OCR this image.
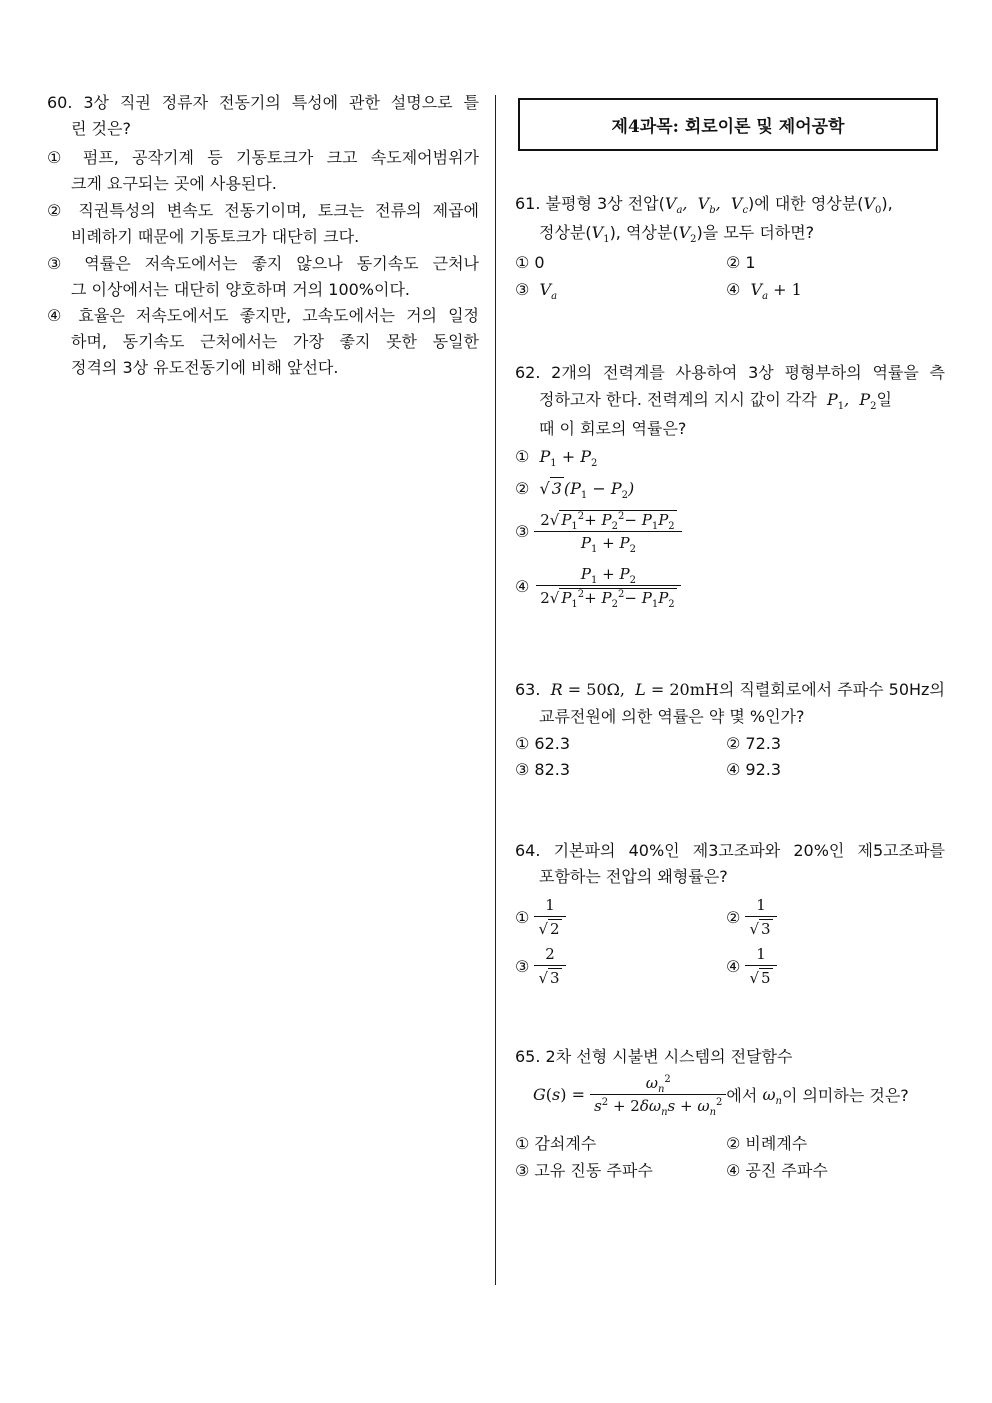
60. 3상 직권 정류자 전동기의 특성에 관한 설명으로 틀
린 것은?
① 펌프, 공작기계 등 기동토크가 크고 속도제어범위가
크게 요구되는 곳에 사용된다.
② 직권특성의 변속도 전동기이며, 토크는 전류의 제곱에
비례하기 때문에 기동토크가 대단히 크다.
③ 역률은 저속도에서는 좋지 않으나 동기속도 근처나
그 이상에서는 대단히 양호하며 거의 100%이다.
④ 효율은 저속도에서도 좋지만, 고속도에서는 거의 일정
하며, 동기속도 근처에서는 가장 좋지 못한 동일한
정격의 3상 유도전동기에 비해 앞선다.
제4과목: 회로이론 및 제어공학
61. 불평형 3상 전압($V_a$,  $V_b$,  $V_c$)에 대한 영상분$(V_0)$,
정상분$(V_1)$, 역상분$(V_2)$을 모두 더하면?
① 0	② 1
③ $V_a$	④ $V_a + 1$
62. 2개의 전력계를 사용하여 3상 평형부하의 역률을 측
정하고자 한다. 전력계의 지시 값이 각각 $P_1$,  $P_2$일
때 이 회로의 역률은?
① $P_1 + P_2$
② √ 3 $(P_1 - P_2)$
③
$\frac{2 √ P_1^2+ P_2^2- P_1P_2}{P_1 + P_2}$
④
$\frac{P_1 + P_2}{2 √ P_1^2+ P_2^2- P_1P_2}$
63. R = 50Ω,  L = 20mH의 직렬회로에서 주파수 50Hz의
교류전원에 의한 역률은 약 몇 %인가?
① 62.3	② 72.3
③ 82.3	④ 92.3
64. 기본파의 40%인 제3고조파와 20%인 제5고조파를
포함하는 전압의 왜형률은?
①
$\frac{1}{√ 2}$	②
$\frac{1}{√ 3}$
③
$\frac{2}{√ 3}$	④
$\frac{1}{√ 5}$
65. 2차 선형 시불변 시스템의 전달함수
G(s) =
$\frac{\omega_n^2}{s^2 + 2\delta\omega_ns + \omega_n^2}$ 에서
$\omega_n$ 이 의미하는 것은?
① 감쇠계수	② 비례계수
③ 고유 진동 주파수	④ 공진 주파수
